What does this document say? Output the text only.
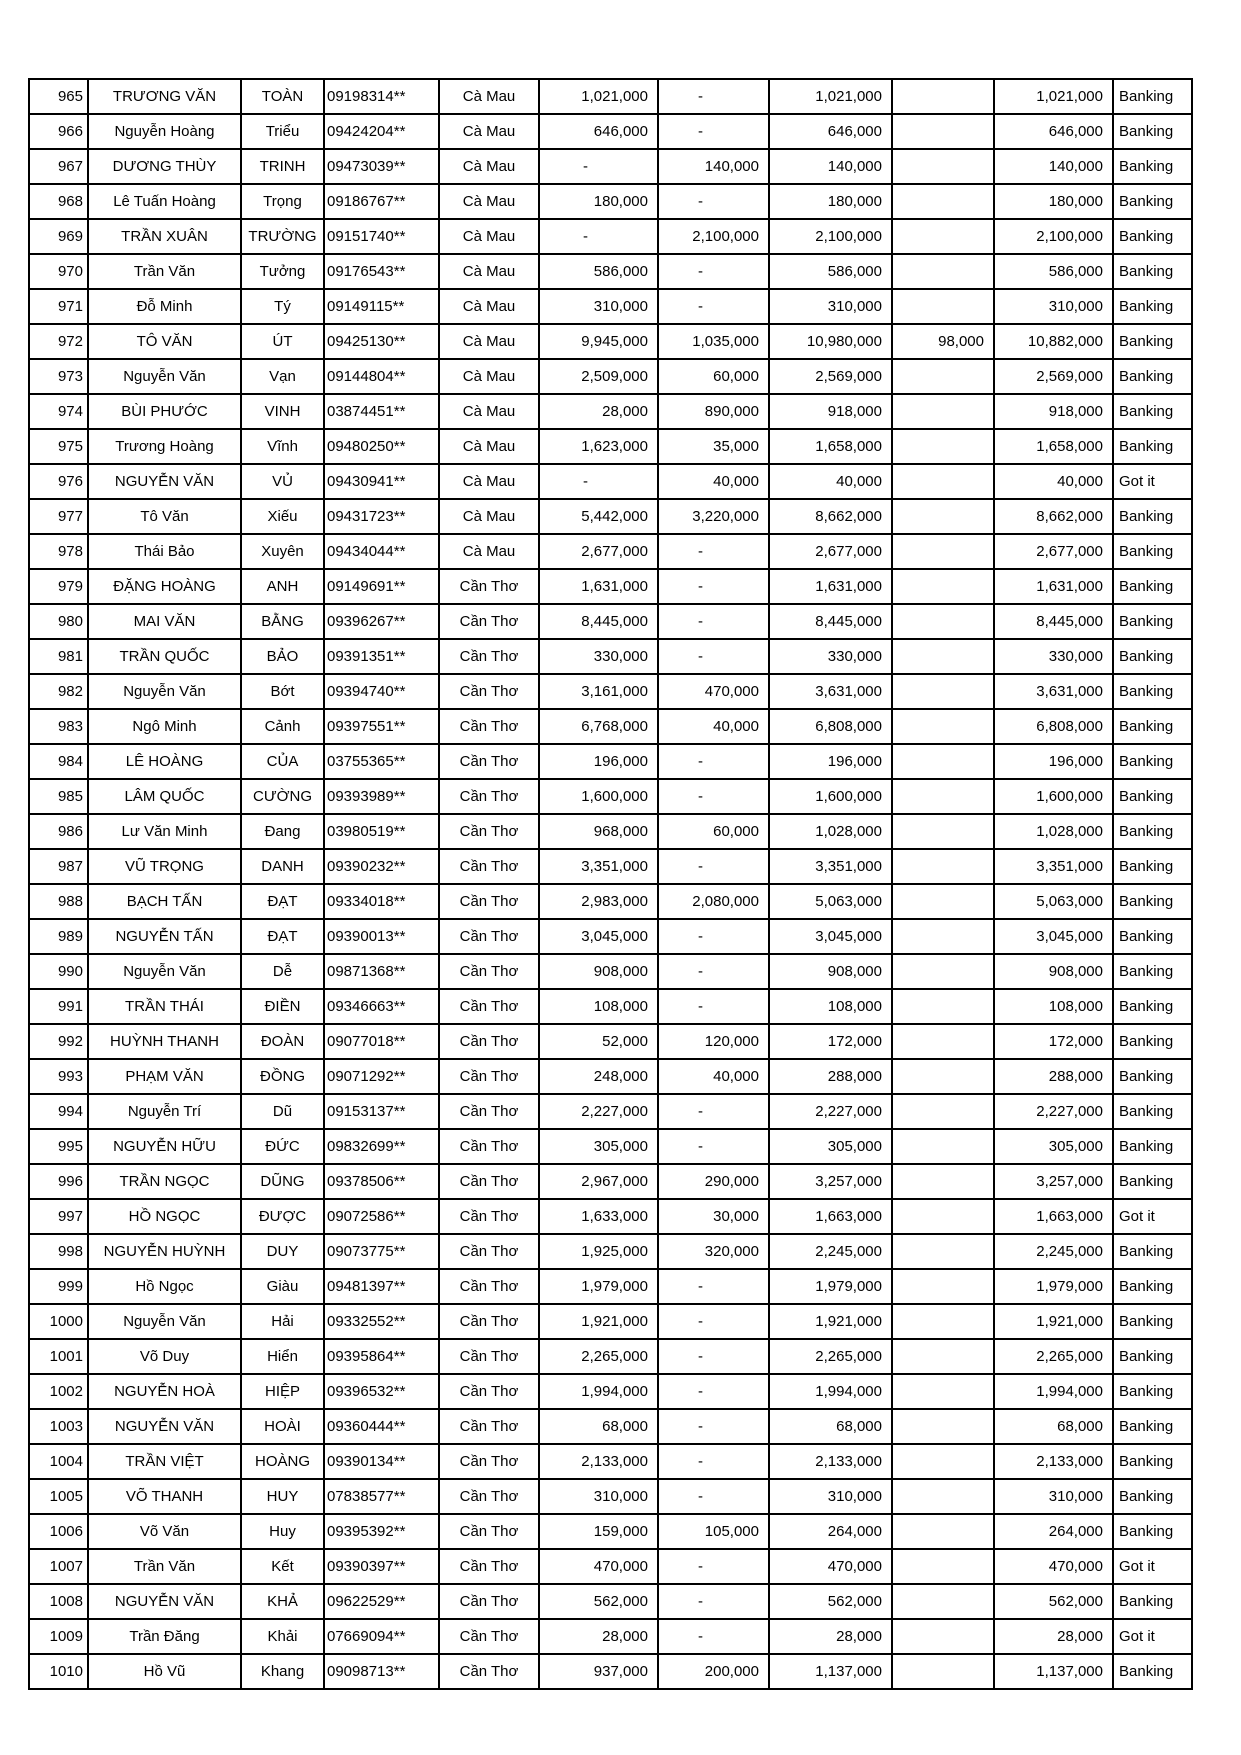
965	TRƯƠNG VĂN	TOÀN	09198314**	Cà Mau	1,021,000	-	1,021,000		1,021,000	Banking
966	Nguyễn Hoàng	Triểu	09424204**	Cà Mau	646,000	-	646,000		646,000	Banking
967	DƯƠNG THÙY	TRINH	09473039**	Cà Mau	-	140,000	140,000		140,000	Banking
968	Lê Tuấn Hoàng	Trọng	09186767**	Cà Mau	180,000	-	180,000		180,000	Banking
969	TRẦN XUÂN	TRƯỜNG	09151740**	Cà Mau	-	2,100,000	2,100,000		2,100,000	Banking
970	Trần Văn	Tưởng	09176543**	Cà Mau	586,000	-	586,000		586,000	Banking
971	Đỗ Minh	Tý	09149115**	Cà Mau	310,000	-	310,000		310,000	Banking
972	TÔ VĂN	ÚT	09425130**	Cà Mau	9,945,000	1,035,000	10,980,000	98,000	10,882,000	Banking
973	Nguyễn Văn	Vạn	09144804**	Cà Mau	2,509,000	60,000	2,569,000		2,569,000	Banking
974	BÙI PHƯỚC	VINH	03874451**	Cà Mau	28,000	890,000	918,000		918,000	Banking
975	Trương Hoàng	Vĩnh	09480250**	Cà Mau	1,623,000	35,000	1,658,000		1,658,000	Banking
976	NGUYỄN VĂN	VỦ	09430941**	Cà Mau	-	40,000	40,000		40,000	Got it
977	Tô Văn	Xiếu	09431723**	Cà Mau	5,442,000	3,220,000	8,662,000		8,662,000	Banking
978	Thái Bảo	Xuyên	09434044**	Cà Mau	2,677,000	-	2,677,000		2,677,000	Banking
979	ĐẶNG HOÀNG	ANH	09149691**	Cần Thơ	1,631,000	-	1,631,000		1,631,000	Banking
980	MAI VĂN	BẰNG	09396267**	Cần Thơ	8,445,000	-	8,445,000		8,445,000	Banking
981	TRẦN QUỐC	BẢO	09391351**	Cần Thơ	330,000	-	330,000		330,000	Banking
982	Nguyễn Văn	Bớt	09394740**	Cần Thơ	3,161,000	470,000	3,631,000		3,631,000	Banking
983	Ngô Minh	Cảnh	09397551**	Cần Thơ	6,768,000	40,000	6,808,000		6,808,000	Banking
984	LÊ HOÀNG	CỦA	03755365**	Cần Thơ	196,000	-	196,000		196,000	Banking
985	LÂM QUỐC	CƯỜNG	09393989**	Cần Thơ	1,600,000	-	1,600,000		1,600,000	Banking
986	Lư Văn Minh	Đang	03980519**	Cần Thơ	968,000	60,000	1,028,000		1,028,000	Banking
987	VŨ TRỌNG	DANH	09390232**	Cần Thơ	3,351,000	-	3,351,000		3,351,000	Banking
988	BẠCH TẤN	ĐẠT	09334018**	Cần Thơ	2,983,000	2,080,000	5,063,000		5,063,000	Banking
989	NGUYỄN TẤN	ĐẠT	09390013**	Cần Thơ	3,045,000	-	3,045,000		3,045,000	Banking
990	Nguyễn Văn	Dễ	09871368**	Cần Thơ	908,000	-	908,000		908,000	Banking
991	TRẦN THÁI	ĐIỀN	09346663**	Cần Thơ	108,000	-	108,000		108,000	Banking
992	HUỲNH THANH	ĐOÀN	09077018**	Cần Thơ	52,000	120,000	172,000		172,000	Banking
993	PHẠM VĂN	ĐỒNG	09071292**	Cần Thơ	248,000	40,000	288,000		288,000	Banking
994	Nguyễn Trí	Dũ	09153137**	Cần Thơ	2,227,000	-	2,227,000		2,227,000	Banking
995	NGUYỄN HỮU	ĐỨC	09832699**	Cần Thơ	305,000	-	305,000		305,000	Banking
996	TRẦN NGỌC	DŨNG	09378506**	Cần Thơ	2,967,000	290,000	3,257,000		3,257,000	Banking
997	HỒ NGỌC	ĐƯỢC	09072586**	Cần Thơ	1,633,000	30,000	1,663,000		1,663,000	Got it
998	NGUYỄN HUỲNH	DUY	09073775**	Cần Thơ	1,925,000	320,000	2,245,000		2,245,000	Banking
999	Hồ Ngọc	Giàu	09481397**	Cần Thơ	1,979,000	-	1,979,000		1,979,000	Banking
1000	Nguyễn Văn	Hải	09332552**	Cần Thơ	1,921,000	-	1,921,000		1,921,000	Banking
1001	Võ Duy	Hiển	09395864**	Cần Thơ	2,265,000	-	2,265,000		2,265,000	Banking
1002	NGUYỄN HOÀ	HIỆP	09396532**	Cần Thơ	1,994,000	-	1,994,000		1,994,000	Banking
1003	NGUYỄN VĂN	HOÀI	09360444**	Cần Thơ	68,000	-	68,000		68,000	Banking
1004	TRẦN VIỆT	HOÀNG	09390134**	Cần Thơ	2,133,000	-	2,133,000		2,133,000	Banking
1005	VÕ THANH	HUY	07838577**	Cần Thơ	310,000	-	310,000		310,000	Banking
1006	Võ Văn	Huy	09395392**	Cần Thơ	159,000	105,000	264,000		264,000	Banking
1007	Trần Văn	Kết	09390397**	Cần Thơ	470,000	-	470,000		470,000	Got it
1008	NGUYỄN VĂN	KHẢ	09622529**	Cần Thơ	562,000	-	562,000		562,000	Banking
1009	Trần Đăng	Khải	07669094**	Cần Thơ	28,000	-	28,000		28,000	Got it
1010	Hồ Vũ	Khang	09098713**	Cần Thơ	937,000	200,000	1,137,000		1,137,000	Banking
